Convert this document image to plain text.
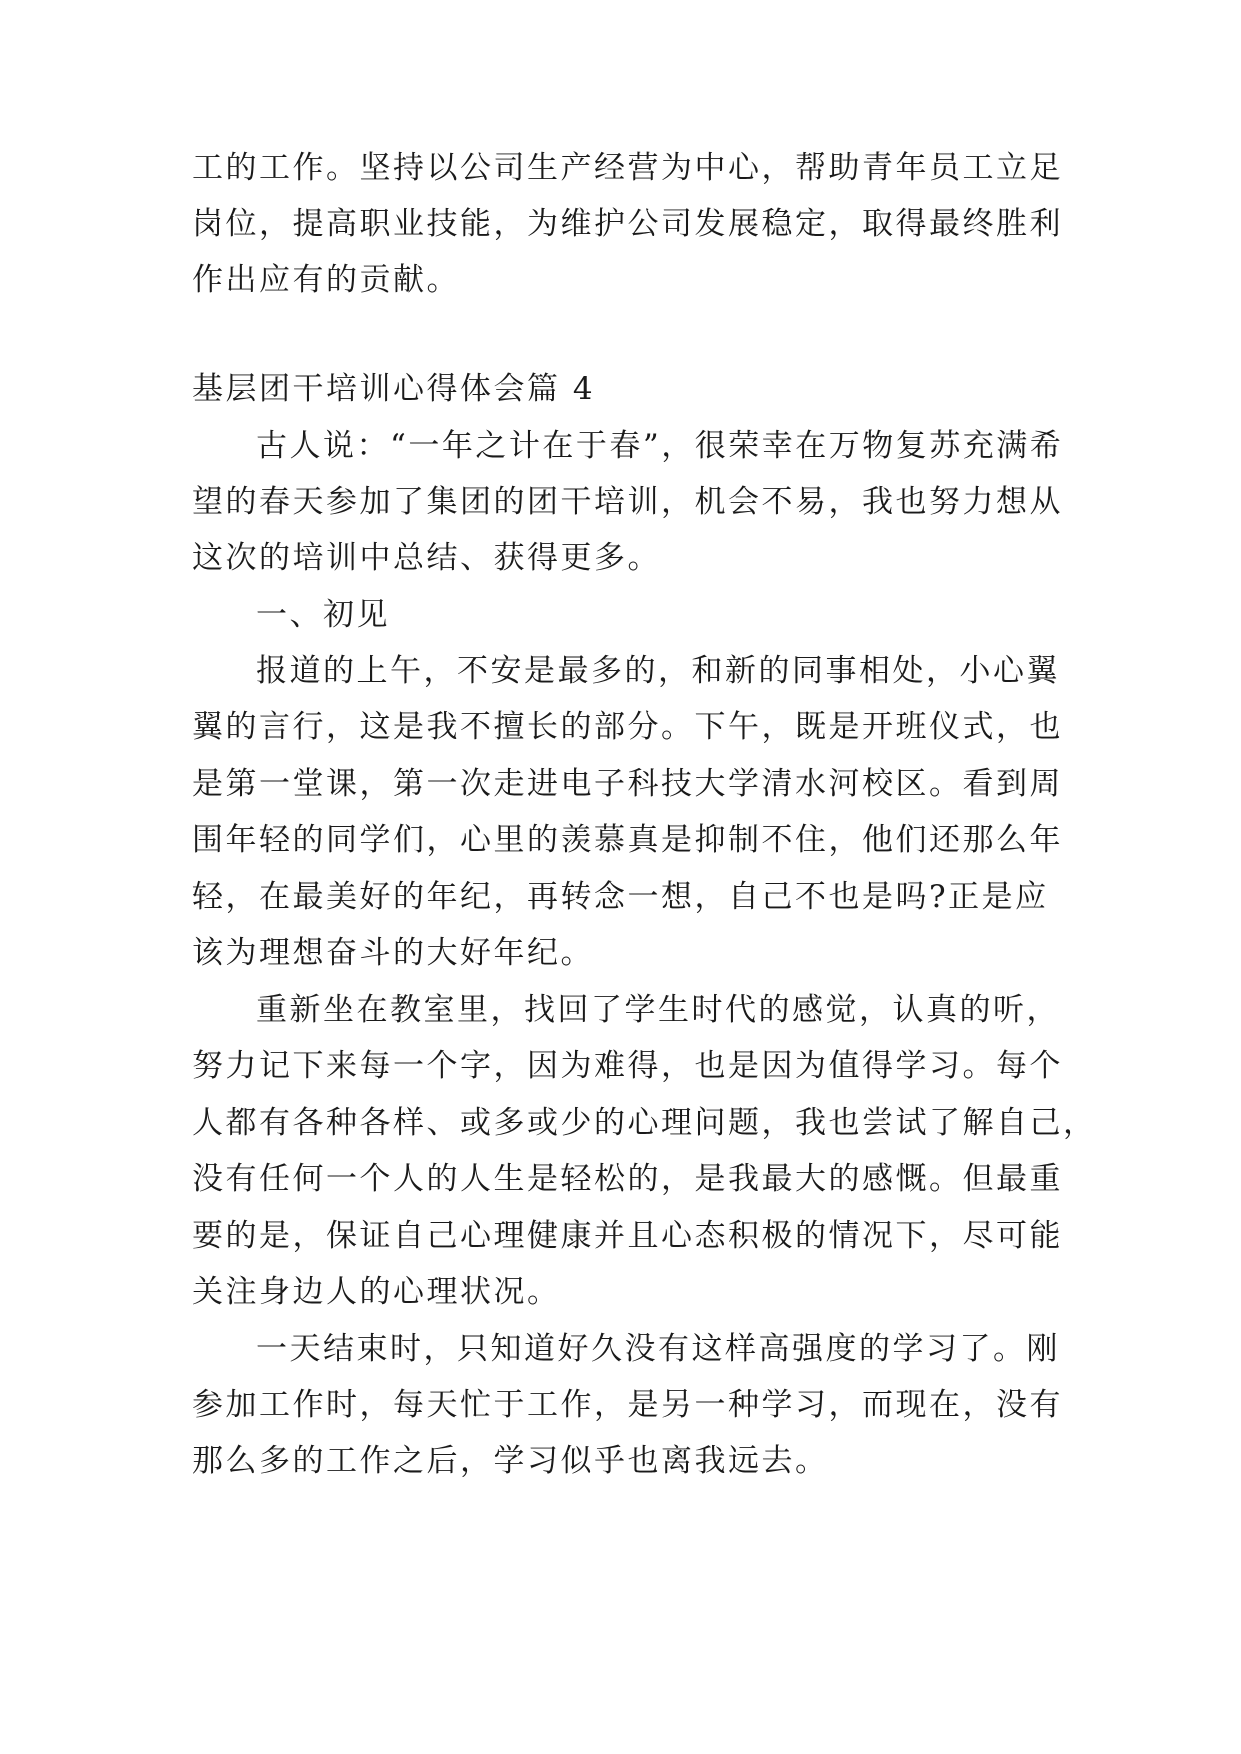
工的工作。坚持以公司生产经营为中心，帮助青年员工立足
岗位，提高职业技能，为维护公司发展稳定，取得最终胜利
作出应有的贡献。
基层团干培训心得体会篇 4
古人说：“一年之计在于春”，很荣幸在万物复苏充满希
望的春天参加了集团的团干培训，机会不易，我也努力想从
这次的培训中总结、获得更多。
一、初见
报道的上午，不安是最多的，和新的同事相处，小心翼
翼的言行，这是我不擅长的部分。下午，既是开班仪式，也
是第一堂课，第一次走进电子科技大学清水河校区。看到周
围年轻的同学们，心里的羡慕真是抑制不住，他们还那么年
轻，在最美好的年纪，再转念一想，自己不也是吗?正是应
该为理想奋斗的大好年纪。
重新坐在教室里，找回了学生时代的感觉，认真的听，
努力记下来每一个字，因为难得，也是因为值得学习。每个
人都有各种各样、或多或少的心理问题，我也尝试了解自己，
没有任何一个人的人生是轻松的，是我最大的感慨。但最重
要的是，保证自己心理健康并且心态积极的情况下，尽可能
关注身边人的心理状况。
一天结束时，只知道好久没有这样高强度的学习了。刚
参加工作时，每天忙于工作，是另一种学习，而现在，没有
那么多的工作之后，学习似乎也离我远去。
